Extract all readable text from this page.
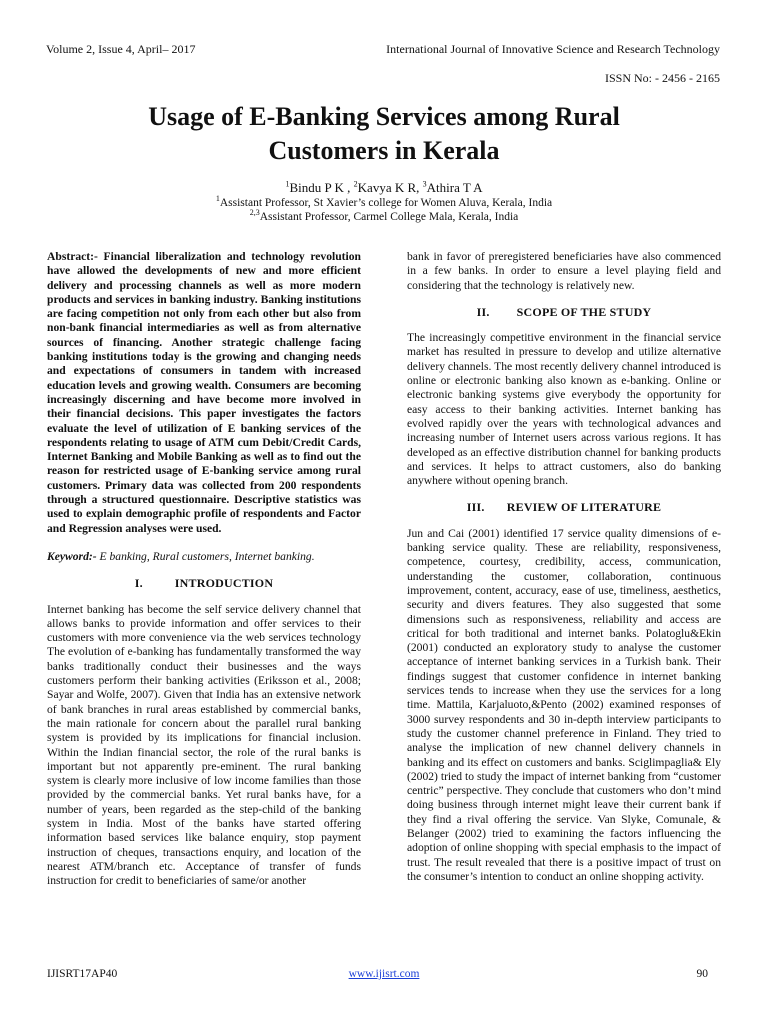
Volume 2, Issue 4, April– 2017	International Journal of Innovative Science and Research Technology
ISSN No: - 2456 - 2165
Usage of E-Banking Services among Rural
Customers in Kerala
$^1$Bindu P K , $^2$Kavya K R, $^3$Athira T A
$^1$Assistant Professor, St Xavier’s college for Women Aluva, Kerala, India
$^{2,3}$Assistant Professor, Carmel College Mala, Kerala, India

Abstract:- Financial liberalization and technology revolution have allowed the developments of new and more efficient delivery and processing channels as well as more modern products and services in banking industry. Banking institutions are facing competition not only from each other but also from non-bank financial intermediaries as well as from alternative sources of financing. Another strategic challenge facing banking institutions today is the growing and changing needs and expectations of consumers in tandem with increased education levels and growing wealth. Consumers are becoming increasingly discerning and have become more involved in their financial decisions. This paper investigates the factors evaluate the level of utilization of E banking services of the respondents relating to usage of ATM cum Debit/Credit Cards, Internet Banking and Mobile Banking as well as to find out the reason for restricted usage of E-banking service among rural customers. Primary data was collected from 200 respondents through a structured questionnaire. Descriptive statistics was used to explain demographic profile of respondents and Factor and Regression analyses were used.

Keyword:- E banking, Rural customers, Internet banking.

I.	INTRODUCTION

Internet banking has become the self service delivery channel that allows banks to provide information and offer services to their customers with more convenience via the web services technology The evolution of e-banking has fundamentally transformed the way banks traditionally conduct their businesses and the ways customers perform their banking activities (Eriksson et al., 2008; Sayar and Wolfe, 2007). Given that India has an extensive network of bank branches in rural areas established by commercial banks, the main rationale for concern about the parallel rural banking system is provided by its implications for financial inclusion. Within the Indian financial sector, the role of the rural banks is important but not apparently pre-eminent. The rural banking system is clearly more inclusive of low income families than those provided by the commercial banks. Yet rural banks have, for a number of years, been regarded as the step-child of the banking system in India. Most of the banks have started offering information based services like balance enquiry, stop payment instruction of cheques, transactions enquiry, and location of the nearest ATM/branch etc. Acceptance of transfer of funds instruction for credit to beneficiaries of same/or another

bank in favor of preregistered beneficiaries have also commenced in a few banks. In order to ensure a level playing field and considering that the technology is relatively new.

II. SCOPE OF THE STUDY

The increasingly competitive environment in the financial service market has resulted in pressure to develop and utilize alternative delivery channels. The most recently delivery channel introduced is online or electronic banking also known as e-banking. Online or electronic banking systems give everybody the opportunity for easy access to their banking activities. Internet banking has evolved rapidly over the years with technological advances and increasing number of Internet users across various regions. It has developed as an effective distribution channel for banking products and services. It helps to attract customers, also do banking anywhere without opening branch.

III. REVIEW OF LITERATURE

Jun and Cai (2001) identified 17 service quality dimensions of e-banking service quality. These are reliability, responsiveness, competence, courtesy, credibility, access, communication, understanding the customer, collaboration, continuous improvement, content, accuracy, ease of use, timeliness, aesthetics, security and divers features. They also suggested that some dimensions such as responsiveness, reliability and access are critical for both traditional and internet banks. Polatoglu&Ekin (2001) conducted an exploratory study to analyse the customer acceptance of internet banking services in a Turkish bank. Their findings suggest that customer confidence in internet banking services tends to increase when they use the services for a long time. Mattila, Karjaluoto,&Pento (2002) examined responses of 3000 survey respondents and 30 in-depth interview participants to study the customer channel preference in Finland. They tried to analyse the implication of new channel delivery channels in banking and its effect on customers and banks. Sciglimpaglia& Ely (2002) tried to study the impact of internet banking from “customer centric” perspective. They conclude that customers who don’t mind doing business through internet might leave their current bank if they find a rival offering the service. Van Slyke, Comunale, & Belanger (2002) tried to examining the factors influencing the adoption of online shopping with special emphasis to the impact of trust. The result revealed that there is a positive impact of trust on the consumer’s intention to conduct an online shopping activity.

IJISRT17AP40	www.ijisrt.com	90
